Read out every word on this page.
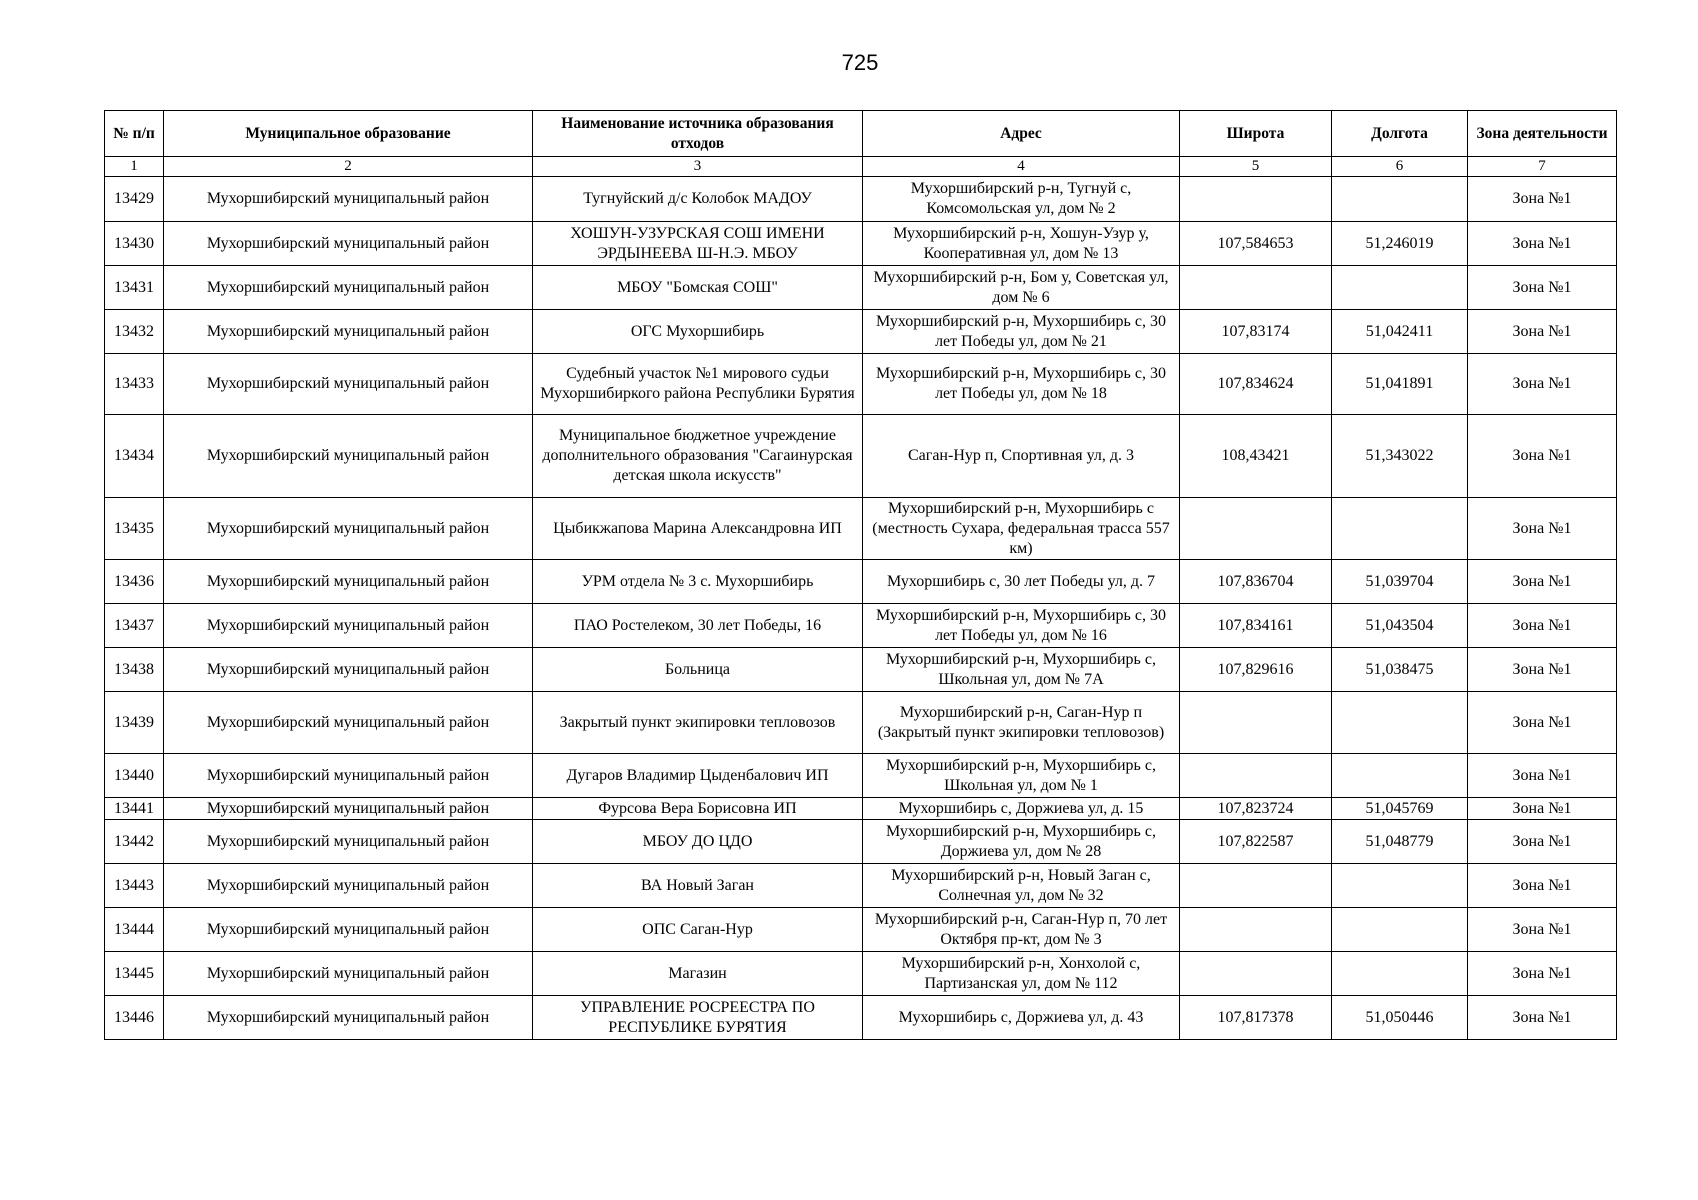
725
№ п/п	Муниципальное образование	Наименование источника образования отходов	Адрес	Широта	Долгота	Зона деятельности
1	2	3	4	5	6	7
13429	Мухоршибирский муниципальный район	Тугнуйский д/с Колобок МАДОУ	Мухоршибирский р-н, Тугнуй с, Комсомольская ул, дом № 2			Зона №1
13430	Мухоршибирский муниципальный район	ХОШУН-УЗУРСКАЯ СОШ ИМЕНИ ЭРДЫНЕЕВА Ш-Н.Э. МБОУ	Мухоршибирский р-н, Хошун-Узур у, Кооперативная ул, дом № 13	107,584653	51,246019	Зона №1
13431	Мухоршибирский муниципальный район	МБОУ "Бомская СОШ"	Мухоршибирский р-н, Бом у, Советская ул, дом № 6			Зона №1
13432	Мухоршибирский муниципальный район	ОГС Мухоршибирь	Мухоршибирский р-н, Мухоршибирь с, 30 лет Победы ул, дом № 21	107,83174	51,042411	Зона №1
13433	Мухоршибирский муниципальный район	Судебный участок №1 мирового судьи Мухоршибиркого района Республики Бурятия	Мухоршибирский р-н, Мухоршибирь с, 30 лет Победы ул, дом № 18	107,834624	51,041891	Зона №1
13434	Мухоршибирский муниципальный район	Муниципальное бюджетное учреждение дополнительного образования "Сагаинурская детская школа искусств"	Саган-Нур п, Спортивная ул, д. 3	108,43421	51,343022	Зона №1
13435	Мухоршибирский муниципальный район	Цыбикжапова Марина Александровна ИП	Мухоршибирский р-н, Мухоршибирь с (местность Сухара, федеральная трасса 557 км)			Зона №1
13436	Мухоршибирский муниципальный район	УРМ отдела № 3 с. Мухоршибирь	Мухоршибирь с, 30 лет Победы ул, д. 7	107,836704	51,039704	Зона №1
13437	Мухоршибирский муниципальный район	ПАО Ростелеком, 30 лет Победы, 16	Мухоршибирский р-н, Мухоршибирь с, 30 лет Победы ул, дом № 16	107,834161	51,043504	Зона №1
13438	Мухоршибирский муниципальный район	Больница	Мухоршибирский р-н, Мухоршибирь с, Школьная ул, дом № 7А	107,829616	51,038475	Зона №1
13439	Мухоршибирский муниципальный район	Закрытый пункт экипировки тепловозов	Мухоршибирский р-н, Саган-Нур п (Закрытый пункт экипировки тепловозов)			Зона №1
13440	Мухоршибирский муниципальный район	Дугаров Владимир Цыденбалович ИП	Мухоршибирский р-н, Мухоршибирь с, Школьная ул, дом № 1			Зона №1
13441	Мухоршибирский муниципальный район	Фурсова Вера Борисовна ИП	Мухоршибирь с, Доржиева ул, д. 15	107,823724	51,045769	Зона №1
13442	Мухоршибирский муниципальный район	МБОУ ДО ЦДО	Мухоршибирский р-н, Мухоршибирь с, Доржиева ул, дом № 28	107,822587	51,048779	Зона №1
13443	Мухоршибирский муниципальный район	ВА Новый Заган	Мухоршибирский р-н, Новый Заган с, Солнечная ул, дом № 32			Зона №1
13444	Мухоршибирский муниципальный район	ОПС Саган-Нур	Мухоршибирский р-н, Саган-Нур п, 70 лет Октября пр-кт, дом № 3			Зона №1
13445	Мухоршибирский муниципальный район	Магазин	Мухоршибирский р-н, Хонхолой с, Партизанская ул, дом № 112			Зона №1
13446	Мухоршибирский муниципальный район	УПРАВЛЕНИЕ РОСРЕЕСТРА ПО РЕСПУБЛИКЕ БУРЯТИЯ	Мухоршибирь с, Доржиева ул, д. 43	107,817378	51,050446	Зона №1
